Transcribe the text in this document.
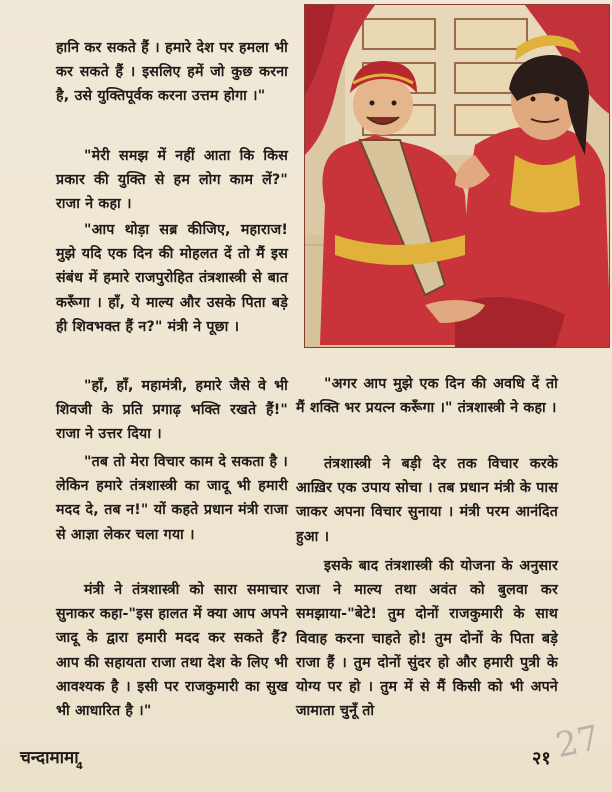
हानि कर सकते हैं । हमारे देश पर हमला भी कर सकते हैं । इसलिए हमें जो कुछ करना है, उसे युक्तिपूर्वक करना उत्तम होगा ।"

"मेरी समझ में नहीं आता कि किस प्रकार की युक्ति से हम लोग काम लें?" राजा ने कहा ।

"आप थोड़ा सब्र कीजिए, महाराज! मुझे यदि एक दिन की मोहलत दें तो मैं इस संबंध में हमारे राजपुरोहित तंत्रशास्त्री से बात करूँगा । हाँ, ये माल्य और उसके पिता बड़े ही शिवभक्त हैं न?" मंत्री ने पूछा ।

"हाँ, हाँ, महामंत्री, हमारे जैसे वे भी शिवजी के प्रति प्रगाढ़ भक्ति रखते हैं!" राजा ने उत्तर दिया ।

"तब तो मेरा विचार काम दे सकता है । लेकिन हमारे तंत्रशास्त्री का जादू भी हमारी मदद दे, तब न!" यों कहते प्रधान मंत्री राजा से आज्ञा लेकर चला गया ।

मंत्री ने तंत्रशास्त्री को सारा समाचार सुनाकर कहा-"इस हालत में क्या आप अपने जादू के द्वारा हमारी मदद कर सकते हैं? आप की सहायता राजा तथा देश के लिए भी आवश्यक है । इसी पर राजकुमारी का सुख भी आधारित है ।"

"अगर आप मुझे एक दिन की अवधि दें तो मैं शक्ति भर प्रयत्न करूँगा ।" तंत्रशास्त्री ने कहा ।

तंत्रशास्त्री ने बड़ी देर तक विचार करके आख़िर एक उपाय सोचा । तब प्रधान मंत्री के पास जाकर अपना विचार सुनाया । मंत्री परम आनंदित हुआ ।

इसके बाद तंत्रशास्त्री की योजना के अनुसार राजा ने माल्य तथा अवंत को बुलवा कर समझाया-"बेटे! तुम दोनों राजकुमारी के साथ विवाह करना चाहते हो! तुम दोनों के पिता बड़े राजा हैं । तुम दोनों सुंदर हो और हमारी पुत्री के योग्य पर हो । तुम में से मैं किसी को भी अपने जामाता चुनूँ तो

चन्दामामा
4	२१ 27
